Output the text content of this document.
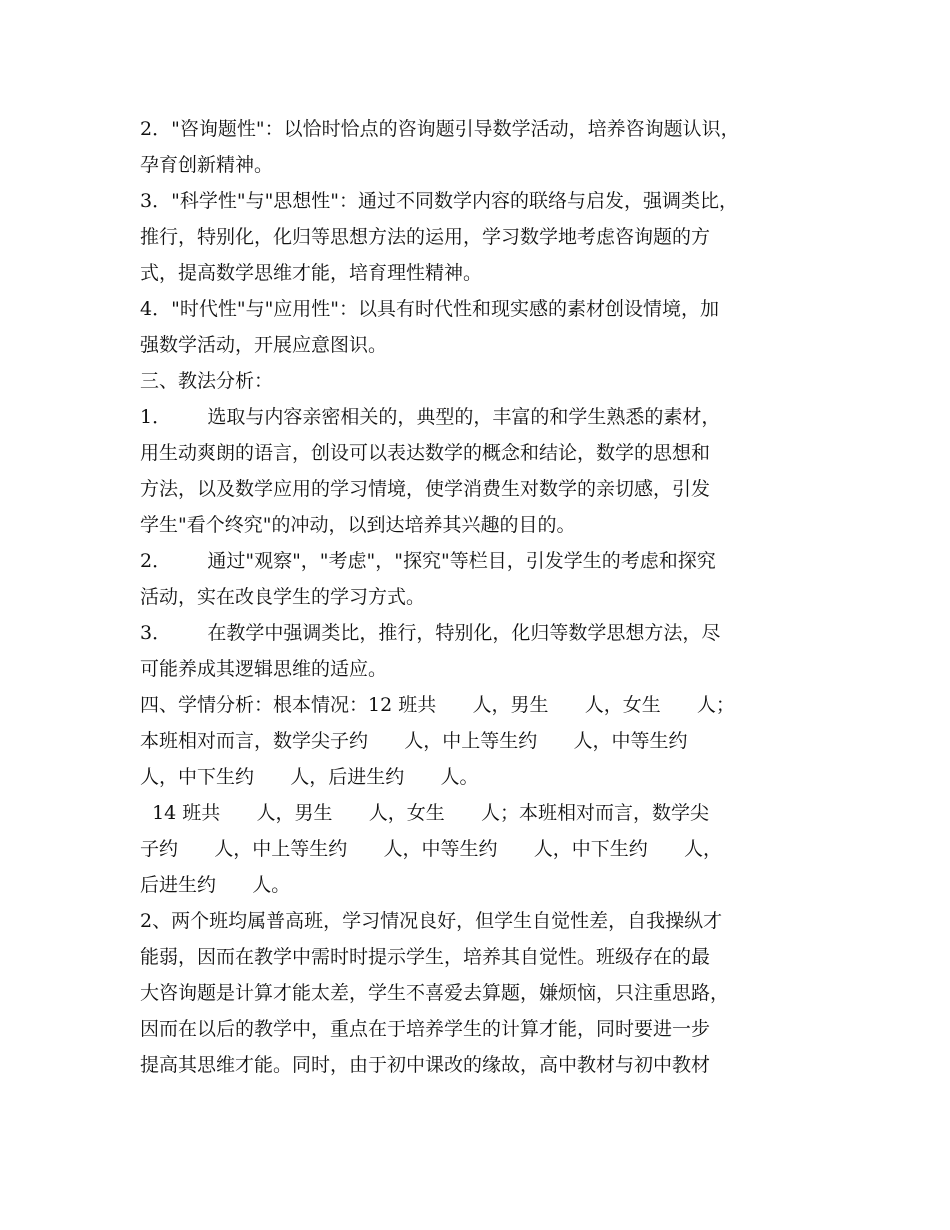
2．"咨询题性"：以恰时恰点的咨询题引导数学活动，培养咨询题认识，
孕育创新精神。
3．"科学性"与"思想性"：通过不同数学内容的联络与启发，强调类比，
推行，特别化，化归等思想方法的运用，学习数学地考虑咨询题的方
式，提高数学思维才能，培育理性精神。
4．"时代性"与"应用性"：以具有时代性和现实感的素材创设情境，加
强数学活动，开展应意图识。
三、教法分析：
1．      选取与内容亲密相关的，典型的，丰富的和学生熟悉的素材，
用生动爽朗的语言，创设可以表达数学的概念和结论，数学的思想和
方法，以及数学应用的学习情境，使学消费生对数学的亲切感，引发
学生"看个终究"的冲动，以到达培养其兴趣的目的。
2．      通过"观察"，"考虑"，"探究"等栏目，引发学生的考虑和探究
活动，实在改良学生的学习方式。
3．      在教学中强调类比，推行，特别化，化归等数学思想方法，尽
可能养成其逻辑思维的适应。
四、学情分析：根本情况：12 班共      人，男生      人，女生      人；
本班相对而言，数学尖子约      人，中上等生约      人，中等生约
人，中下生约      人，后进生约      人。
14 班共      人，男生      人，女生      人；本班相对而言，数学尖
子约      人，中上等生约      人，中等生约      人，中下生约      人，
后进生约      人。
2、两个班均属普高班，学习情况良好，但学生自觉性差，自我操纵才
能弱，因而在教学中需时时提示学生，培养其自觉性。班级存在的最
大咨询题是计算才能太差，学生不喜爱去算题，嫌烦恼，只注重思路，
因而在以后的教学中，重点在于培养学生的计算才能，同时要进一步
提高其思维才能。同时，由于初中课改的缘故，高中教材与初中教材
